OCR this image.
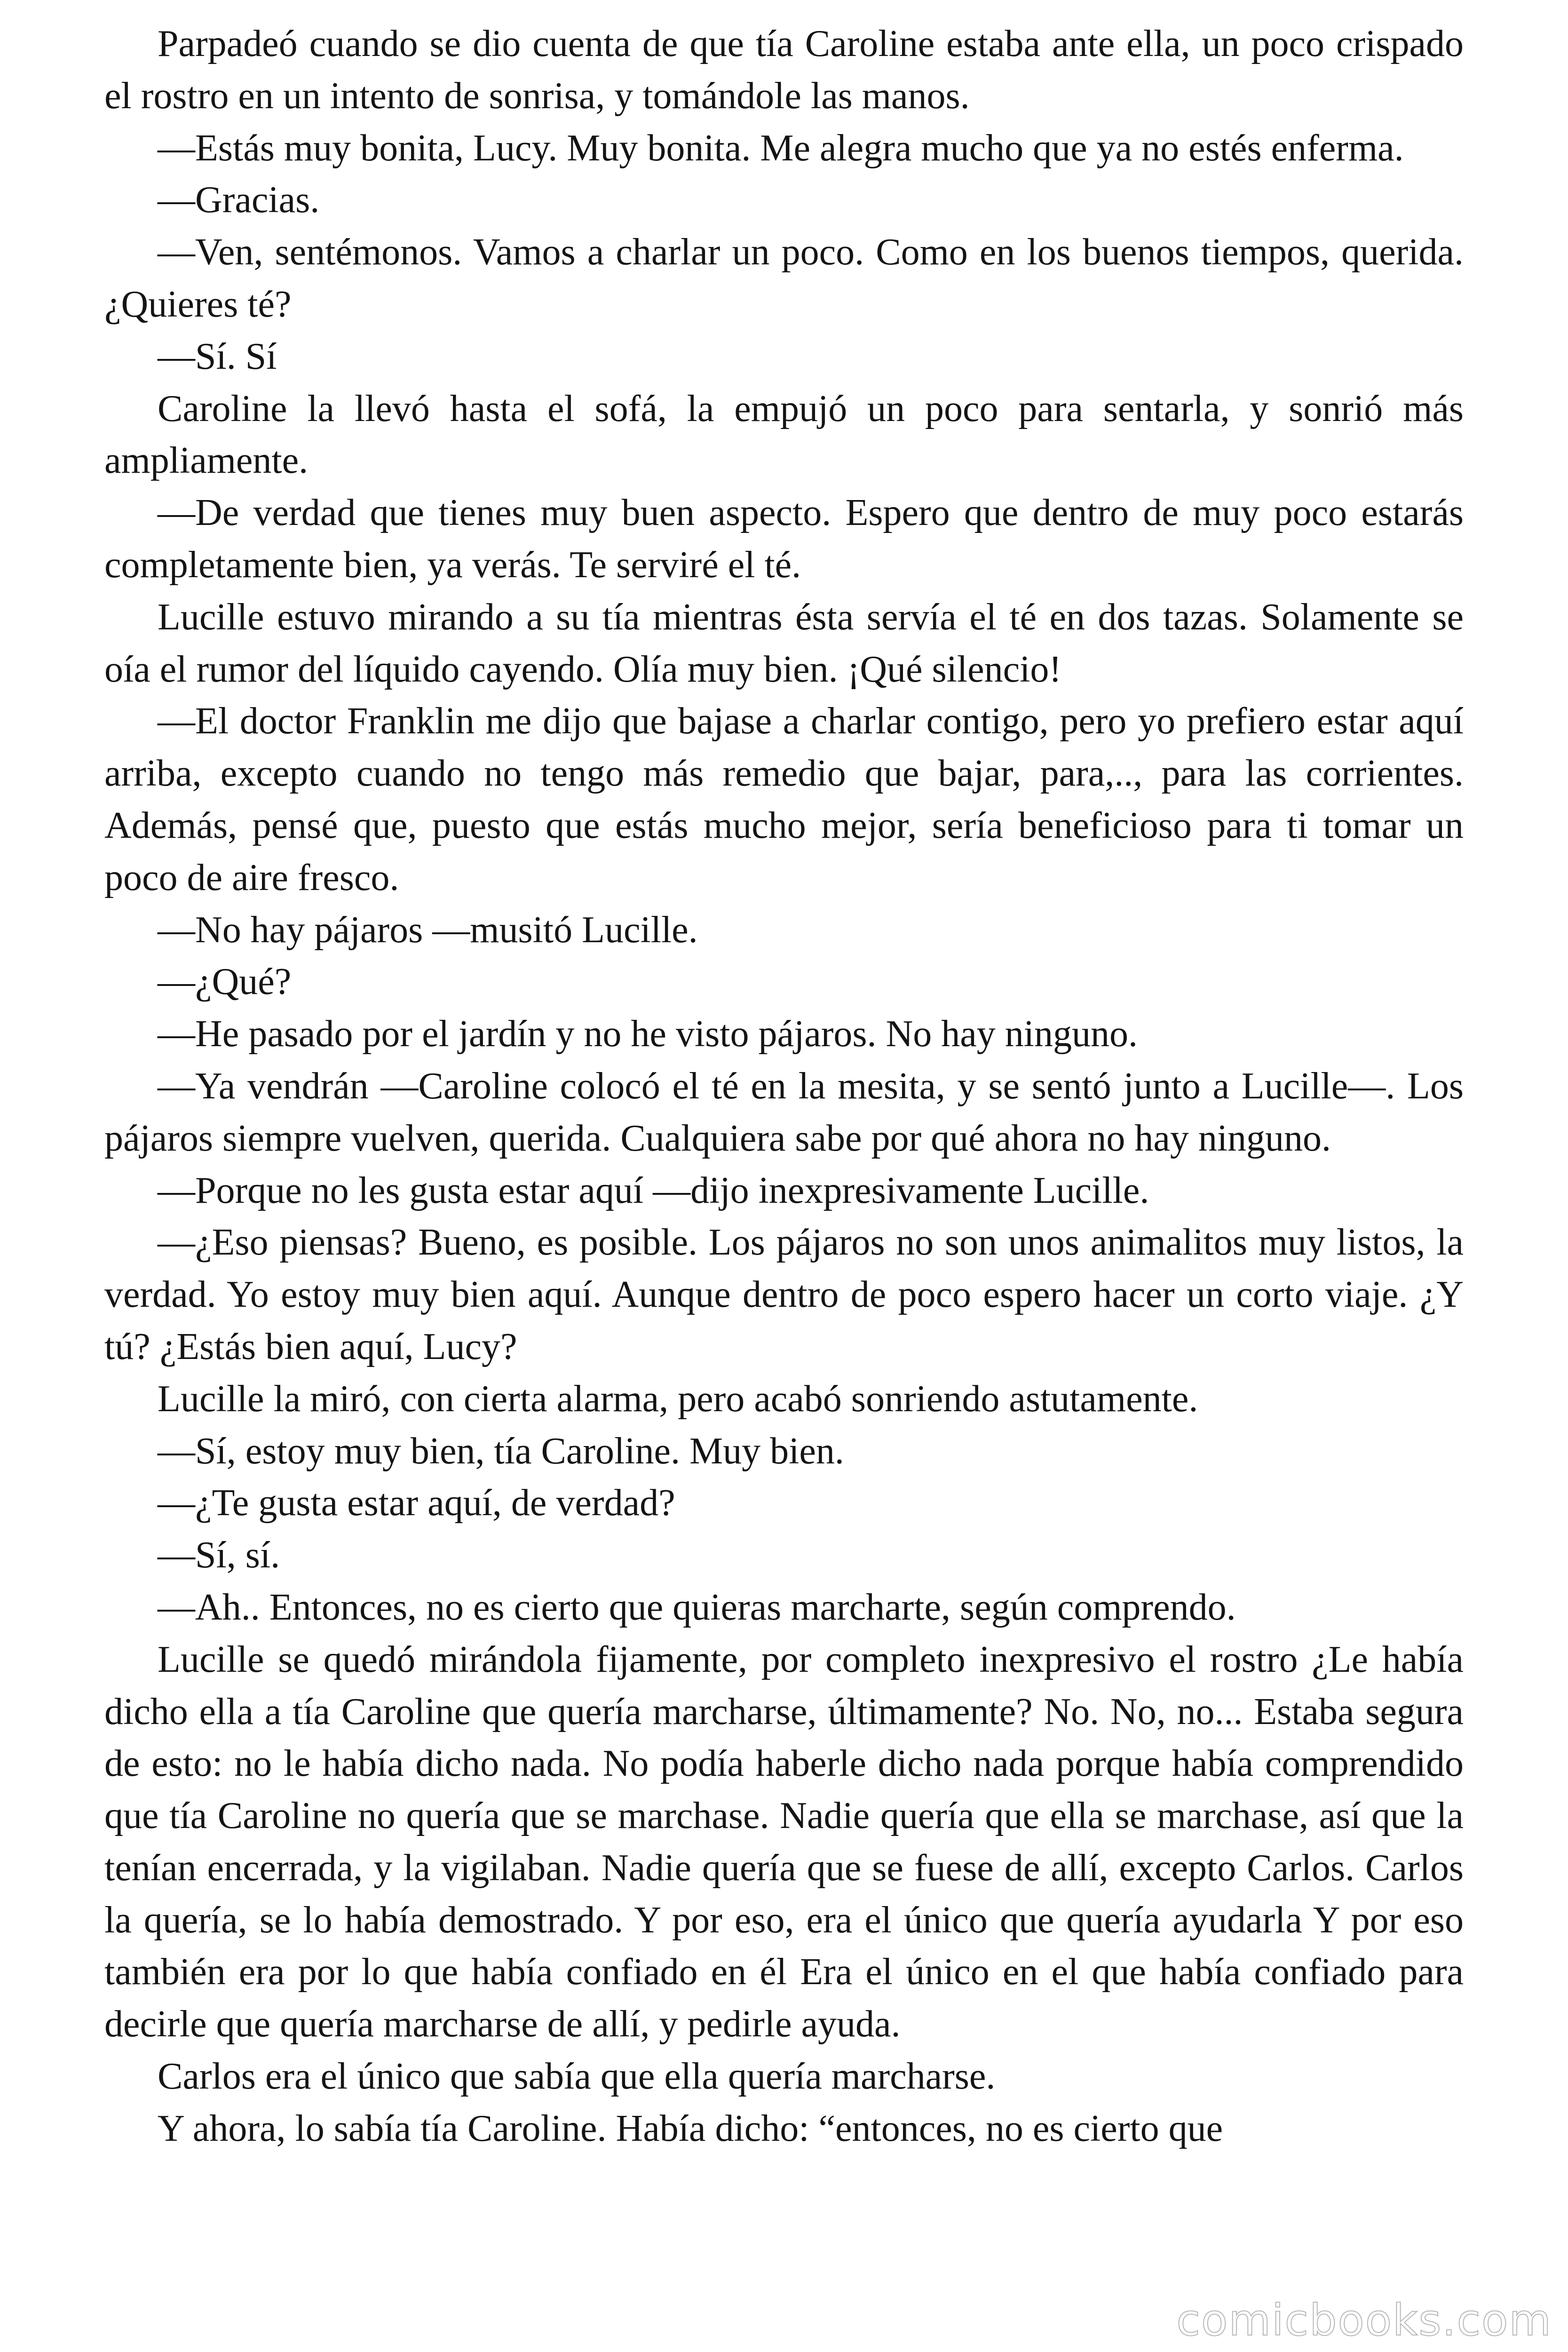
Parpadeó cuando se dio cuenta de que tía Caroline estaba ante ella, un poco crispado el rostro en un intento de sonrisa, y tomándole las manos.

—Estás muy bonita, Lucy. Muy bonita. Me alegra mucho que ya no estés enferma.

—Gracias.

—Ven, sentémonos. Vamos a charlar un poco. Como en los buenos tiempos, querida. ¿Quieres té?

—Sí. Sí

Caroline la llevó hasta el sofá, la empujó un poco para sentarla, y sonrió más ampliamente.

—De verdad que tienes muy buen aspecto. Espero que dentro de muy poco estarás completamente bien, ya verás. Te serviré el té.

Lucille estuvo mirando a su tía mientras ésta servía el té en dos tazas. Solamente se oía el rumor del líquido cayendo. Olía muy bien. ¡Qué silencio!

—El doctor Franklin me dijo que bajase a charlar contigo, pero yo prefiero estar aquí arriba, excepto cuando no tengo más remedio que bajar, para,.., para las corrientes. Además, pensé que, puesto que estás mucho mejor, sería beneficioso para ti tomar un poco de aire fresco.

—No hay pájaros —musitó Lucille.

—¿Qué?

—He pasado por el jardín y no he visto pájaros. No hay ninguno.

—Ya vendrán —Caroline colocó el té en la mesita, y se sentó junto a Lucille—. Los pájaros siempre vuelven, querida. Cualquiera sabe por qué ahora no hay ninguno.

—Porque no les gusta estar aquí —dijo inexpresivamente Lucille.

—¿Eso piensas? Bueno, es posible. Los pájaros no son unos animalitos muy listos, la verdad. Yo estoy muy bien aquí. Aunque dentro de poco espero hacer un corto viaje. ¿Y tú? ¿Estás bien aquí, Lucy?

Lucille la miró, con cierta alarma, pero acabó sonriendo astutamente.

—Sí, estoy muy bien, tía Caroline. Muy bien.

—¿Te gusta estar aquí, de verdad?

—Sí, sí.

—Ah.. Entonces, no es cierto que quieras marcharte, según comprendo.

Lucille se quedó mirándola fijamente, por completo inexpresivo el rostro ¿Le había dicho ella a tía Caroline que quería marcharse, últimamente? No. No, no... Estaba segura de esto: no le había dicho nada. No podía haberle dicho nada porque había comprendido que tía Caroline no quería que se marchase. Nadie quería que ella se marchase, así que la tenían encerrada, y la vigilaban. Nadie quería que se fuese de allí, excepto Carlos. Carlos la quería, se lo había demostrado. Y por eso, era el único que quería ayudarla Y por eso también era por lo que había confiado en él Era el único en el que había confiado para decirle que quería marcharse de allí, y pedirle ayuda.

Carlos era el único que sabía que ella quería marcharse.

Y ahora, lo sabía tía Caroline. Había dicho: “entonces, no es cierto que

comicbooks.com
